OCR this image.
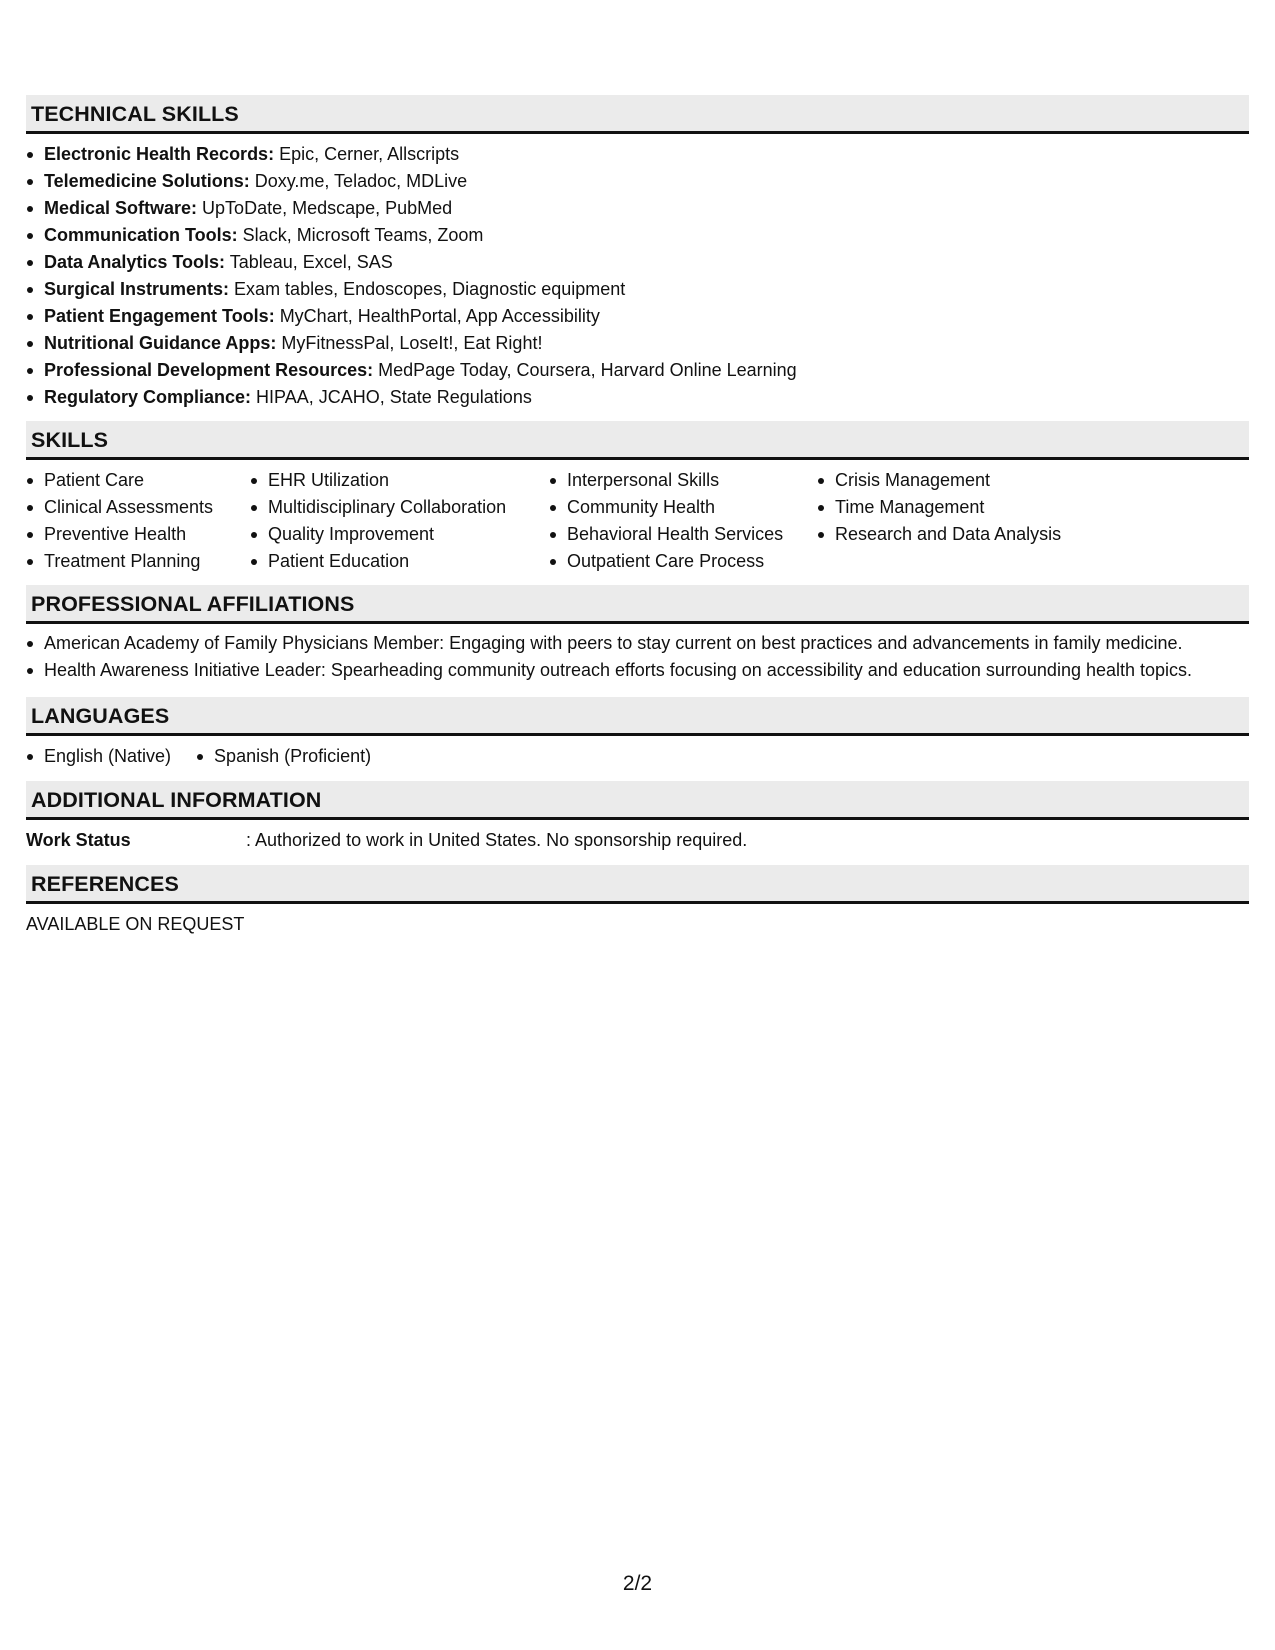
TECHNICAL SKILLS
Electronic Health Records: Epic, Cerner, Allscripts
Telemedicine Solutions: Doxy.me, Teladoc, MDLive
Medical Software: UpToDate, Medscape, PubMed
Communication Tools: Slack, Microsoft Teams, Zoom
Data Analytics Tools: Tableau, Excel, SAS
Surgical Instruments: Exam tables, Endoscopes, Diagnostic equipment
Patient Engagement Tools: MyChart, HealthPortal, App Accessibility
Nutritional Guidance Apps: MyFitnessPal, LoseIt!, Eat Right!
Professional Development Resources: MedPage Today, Coursera, Harvard Online Learning
Regulatory Compliance: HIPAA, JCAHO, State Regulations
SKILLS
Patient Care
Clinical Assessments
Preventive Health
Treatment Planning
EHR Utilization
Multidisciplinary Collaboration
Quality Improvement
Patient Education
Interpersonal Skills
Community Health
Behavioral Health Services
Outpatient Care Process
Crisis Management
Time Management
Research and Data Analysis
PROFESSIONAL AFFILIATIONS
American Academy of Family Physicians Member: Engaging with peers to stay current on best practices and advancements in family medicine.
Health Awareness Initiative Leader: Spearheading community outreach efforts focusing on accessibility and education surrounding health topics.
LANGUAGES
English (Native)	Spanish (Proficient)
ADDITIONAL INFORMATION
Work Status	: Authorized to work in United States. No sponsorship required.
REFERENCES
AVAILABLE ON REQUEST
2/2
